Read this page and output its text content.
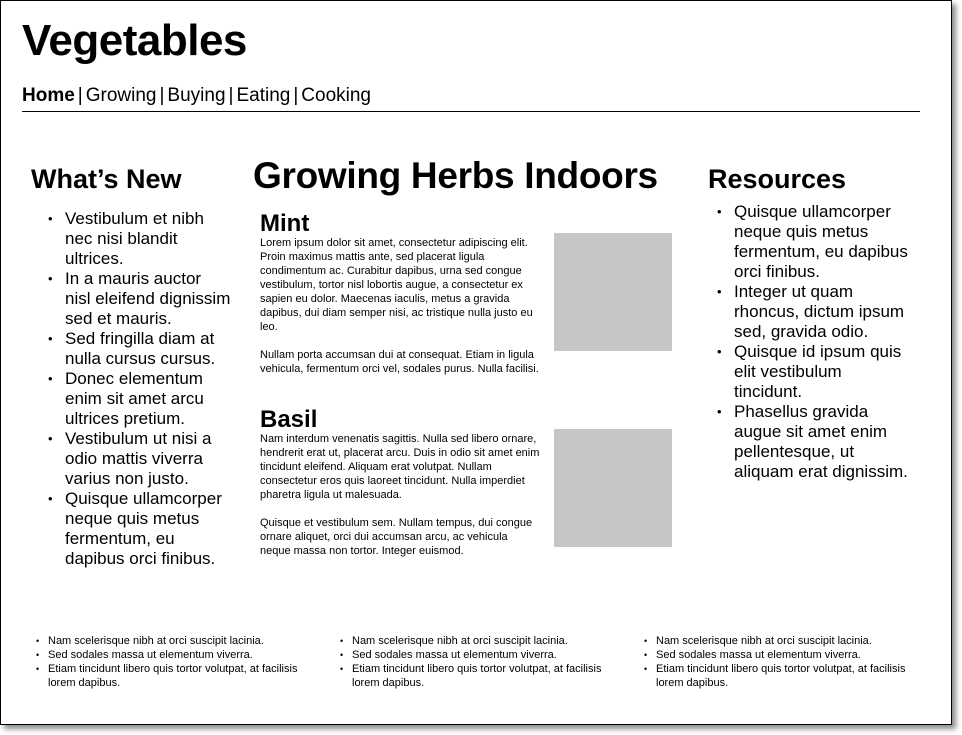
Vegetables
Home | Growing | Buying | Eating | Cooking
What’s New
• Vestibulum et nibh nec nisi blandit ultrices.
• In a mauris auctor nisl eleifend dignissim sed et mauris.
• Sed fringilla diam at nulla cursus cursus.
• Donec elementum enim sit amet arcu ultrices pretium.
• Vestibulum ut nisi a odio mattis viverra varius non justo.
• Quisque ullamcorper neque quis metus fermentum, eu dapibus orci finibus.
Growing Herbs Indoors
Mint

Lorem ipsum dolor sit amet, consectetur adipiscing elit. Proin maximus mattis ante, sed placerat ligula condimentum ac. Curabitur dapibus, urna sed congue vestibulum, tortor nisl lobortis augue, a consectetur ex sapien eu dolor. Maecenas iaculis, metus a gravida dapibus, dui diam semper nisi, ac tristique nulla justo eu leo.

Nullam porta accumsan dui at consequat. Etiam in ligula vehicula, fermentum orci vel, sodales purus. Nulla facilisi.

Basil

Nam interdum venenatis sagittis. Nulla sed libero ornare, hendrerit erat ut, placerat arcu. Duis in odio sit amet enim tincidunt eleifend. Aliquam erat volutpat. Nullam consectetur eros quis laoreet tincidunt. Nulla imperdiet pharetra ligula ut malesuada.

Quisque et vestibulum sem. Nullam tempus, dui congue ornare aliquet, orci dui accumsan arcu, ac vehicula neque massa non tortor. Integer euismod.

Resources
• Quisque ullamcorper neque quis metus fermentum, eu dapibus orci finibus.
• Integer ut quam rhoncus, dictum ipsum sed, gravida odio.
• Quisque id ipsum quis elit vestibulum tincidunt.
• Phasellus gravida augue sit amet enim pellentesque, ut aliquam erat dignissim.
• Nam scelerisque nibh at orci suscipit lacinia.
• Sed sodales massa ut elementum viverra.
• Etiam tincidunt libero quis tortor volutpat, at facilisis lorem dapibus.
• Nam scelerisque nibh at orci suscipit lacinia.
• Sed sodales massa ut elementum viverra.
• Etiam tincidunt libero quis tortor volutpat, at facilisis lorem dapibus.
• Nam scelerisque nibh at orci suscipit lacinia.
• Sed sodales massa ut elementum viverra.
• Etiam tincidunt libero quis tortor volutpat, at facilisis lorem dapibus.
